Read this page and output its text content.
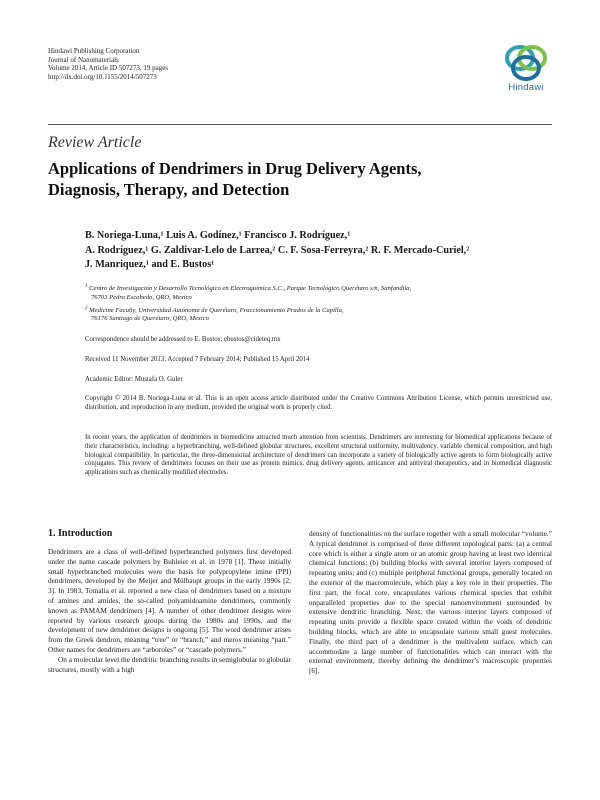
Hindawi Publishing Corporation
Journal of Nanomaterials
Volume 2014, Article ID 507273, 19 pages
http://dx.doi.org/10.1155/2014/507273
Hindawi
Review Article
Applications of Dendrimers in Drug Delivery Agents,
Diagnosis, Therapy, and Detection
B. Noriega-Luna,¹ Luis A. Godínez,¹ Francisco J. Rodríguez,¹
A. Rodríguez,¹ G. Zaldivar-Lelo de Larrea,² C. F. Sosa-Ferreyra,² R. F. Mercado-Curiel,²
J. Manriquez,¹ and E. Bustos¹
$^1$ Centro de Investigación y Desarrollo Tecnológico en Electroquímica S.C., Parque Tecnológico Querétaro s/n, Sanfandila,
76703 Pedro Escobedo, QRO, Mexico
$^2$ Medicine Faculty, Universidad Autónoma de Querétaro, Fraccionamiento Prados de la Capilla,
76176 Santiago de Querétaro, QRO, Mexico
Correspondence should be addressed to E. Bustos; ebustos@cideteq.mx
Received 11 November 2013; Accepted 7 February 2014; Published 15 April 2014
Academic Editor: Mustafa O. Guler
Copyright © 2014 B. Noriega-Luna et al. This is an open access article distributed under the Creative Commons Attribution License, which permits unrestricted use, distribution, and reproduction in any medium, provided the original work is properly cited.
In recent years, the application of dendrimers in biomedicine attracted much attention from scientists. Dendrimers are interesting for biomedical applications because of their characteristics, including: a hyperbranching, well-defined globular structures, excellent structural uniformity, multivalency, variable chemical composition, and high biological compatibility. In particular, the three-dimensional architecture of dendrimers can incorporate a variety of biologically active agents to form biologically active conjugates. This review of dendrimers focuses on their use as protein mimics, drug delivery agents, anticancer and antiviral therapeutics, and in biomedical diagnostic applications such as chemically modified electrodes.
1. Introduction

Dendrimers are a class of well-defined hyperbranched polymers first developed under the name cascade polymers by Buhleier et al. in 1978 [1]. These initially small hyperbranched molecules were the basis for polypropylene imine (PPI) dendrimers, developed by the Meijer and Mülhaupt groups in the early 1990s [2, 3]. In 1983, Tomalia et al. reported a new class of dendrimers based on a mixture of amines and amides, the so-called polyamidoamine dendrimers, commonly known as PAMAM dendrimers [4]. A number of other dendrimer designs were reported by various research groups during the 1980s and 1990s, and the development of new dendrimer designs is ongoing [5]. The word dendrimer arises from the Greek dendron, meaning “tree” or “branch,” and meros meaning “part.” Other names for dendrimers are “arboroles” or “cascade polymers.”

On a molecular level the dendritic branching results in semiglobular to globular structures, mostly with a high

density of functionalities on the surface together with a small molecular “volume.” A typical dendrimer is comprised of three different topological parts: (a) a central core which is either a single atom or an atomic group having at least two identical chemical functions; (b) building blocks with several interior layers composed of repeating units; and (c) multiple peripheral functional groups, generally located on the exterior of the macromolecule, which play a key role in their properties. The first part, the focal core, encapsulates various chemical species that exhibit unparalleled properties due to the special nanoenvironment surrounded by extensive dendritic branching. Next, the various interior layers composed of repeating units provide a flexible space created within the voids of dendritic building blocks, which are able to encapsulate various small guest molecules. Finally, the third part of a dendrimer is the multivalent surface, which can accommodate a large number of functionalities which can interact with the external environment, thereby defining the dendrimer’s macroscopic properties [6].
